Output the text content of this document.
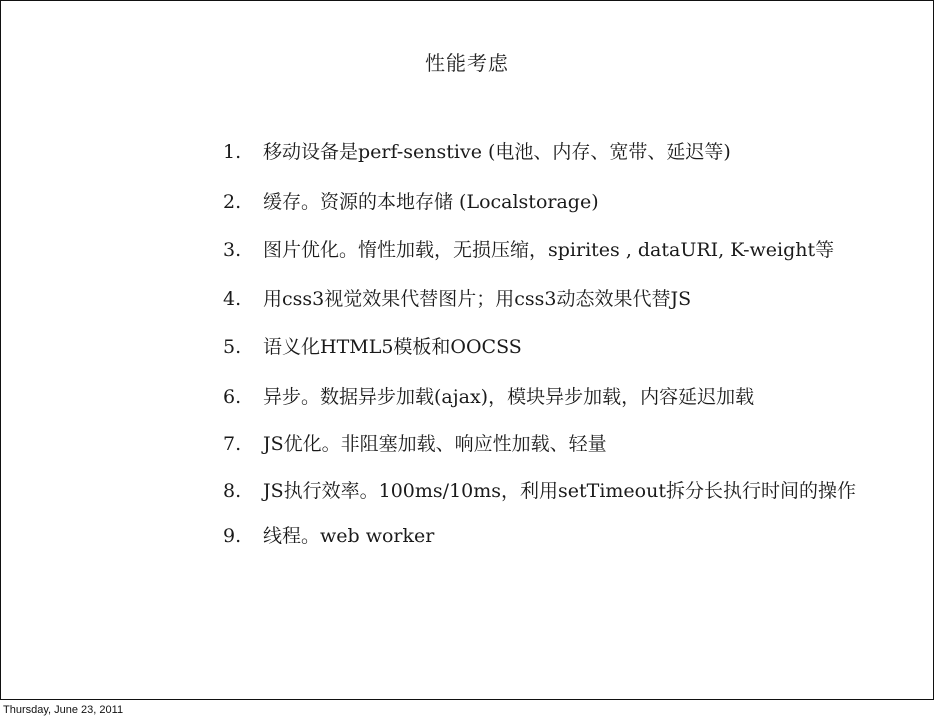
性能考虑
1.	移动设备是perf-senstive (电池、内存、宽带、延迟等)
2.	缓存。资源的本地存储 (Localstorage)
3.	图片优化。惰性加载，无损压缩，spirites , dataURI, K-weight等
4.	用css3视觉效果代替图片；用css3动态效果代替JS
5.	语义化HTML5模板和OOCSS
6.	异步。数据异步加载(ajax)，模块异步加载，内容延迟加载
7.	JS优化。非阻塞加载、响应性加载、轻量
8.	JS执行效率。100ms/10ms，利用setTimeout拆分长执行时间的操作
9.	线程。web worker
Thursday, June 23, 2011
